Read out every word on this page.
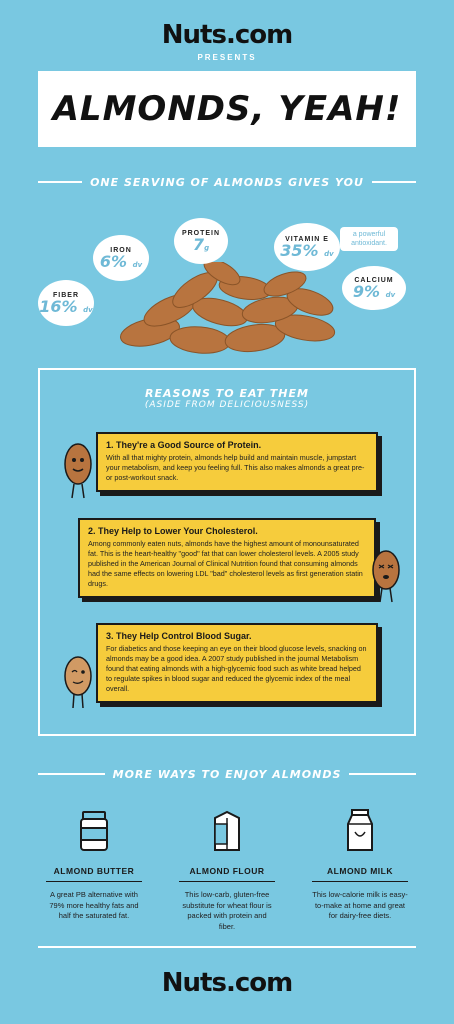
Nuts.com
PRESENTS
ALMONDS, YEAH!
ONE SERVING OF ALMONDS GIVES YOU
FIBER
16% dv
IRON
6% dv
PROTEIN
7g
VITAMIN E
35% dv
a powerful antioxidant.
CALCIUM
9% dv
REASONS TO EAT THEM
(ASIDE FROM DELICIOUSNESS)
1. They're a Good Source of Protein.

With all that mighty protein, almonds help build and maintain muscle, jumpstart your metabolism, and keep you feeling full. This also makes almonds a great pre- or post-workout snack.

2. They Help to Lower Your Cholesterol.

Among commonly eaten nuts, almonds have the highest amount of monounsaturated fat. This is the heart-healthy "good" fat that can lower cholesterol levels. A 2005 study published in the American Journal of Clinical Nutrition found that consuming almonds had the same effects on lowering LDL "bad" cholesterol levels as first generation statin drugs.

3. They Help Control Blood Sugar.

For diabetics and those keeping an eye on their blood glucose levels, snacking on almonds may be a good idea. A 2007 study published in the journal Metabolism found that eating almonds with a high-glycemic food such as white bread helped to regulate spikes in blood sugar and reduced the glycemic index of the meal overall.

MORE WAYS TO ENJOY ALMONDS
ALMOND BUTTER
A great PB alternative with 79% more healthy fats and half the saturated fat.
ALMOND FLOUR
This low-carb, gluten-free substitute for wheat flour is packed with protein and fiber.
ALMOND MILK
This low-calorie milk is easy-to-make at home and great for dairy-free diets.
Nuts.com
